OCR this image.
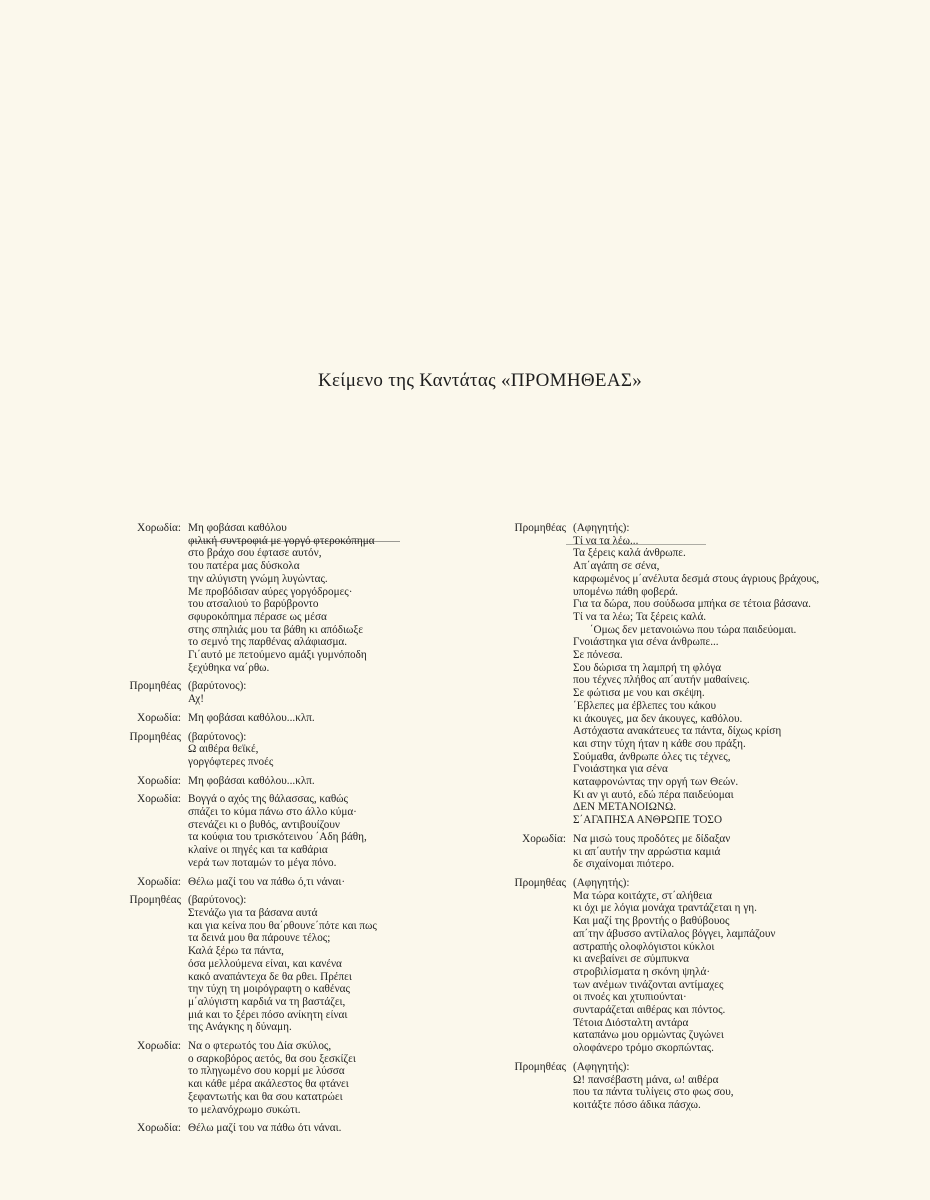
Κείμενο της Καντάτας «ΠΡΟΜΗΘΕΑΣ»
Χορωδία: Μη φοβάσαι καθόλου
φιλική συντροφιά με γοργό φτεροκόπημα
στο βράχο σου έφτασε αυτόν,
του πατέρα μας δύσκολα
την αλύγιστη γνώμη λυγώντας.
Με προβόδισαν αύρες γοργόδρομες·
του ατσαλιού το βαρύβροντο
σφυροκόπημα πέρασε ως μέσα
στης σπηλιάς μου τα βάθη κι απόδιωξε
το σεμνό της παρθένας αλάφιασμα.
Γι΄αυτό με πετούμενο αμάξι γυμνόποδη
ξεχύθηκα να΄ρθω.
Προμηθέας (βαρύτονος):
Αχ!
Χορωδία: Μη φοβάσαι καθόλου...κλπ.
Προμηθέας (βαρύτονος):
Ω αιθέρα θεϊκέ,
γοργόφτερες πνοές
Χορωδία: Μη φοβάσαι καθόλου...κλπ.
Χορωδία: Βογγά ο αχός της θάλασσας, καθώς
σπάζει το κύμα πάνω στο άλλο κύμα·
στενάζει κι ο βυθός, αντιβουίζουν
τα κούφια του τρισκότεινου ΄Αδη βάθη,
κλαίνε οι πηγές και τα καθάρια
νερά των ποταμών το μέγα πόνο.
Χορωδία: Θέλω μαζί του να πάθω ό,τι νάναι·
Προμηθέας (βαρύτονος):
Στενάζω για τα βάσανα αυτά
και για κείνα που θα΄ρθουνε΄πότε και πως
τα δεινά μου θα πάρουνε τέλος;
Καλά ξέρω τα πάντα,
όσα μελλούμενα είναι, και κανένα
κακό αναπάντεχα δε θα ρθει. Πρέπει
την τύχη τη μοιρόγραφτη ο καθένας
μ΄αλύγιστη καρδιά να τη βαστάζει,
μιά και το ξέρει πόσο ανίκητη είναι
της Ανάγκης η δύναμη.
Χορωδία: Να ο φτερωτός του Δία σκύλος,
ο σαρκοβόρος αετός, θα σου ξεσκίζει
το πληγωμένο σου κορμί με λύσσα
και κάθε μέρα ακάλεστος θα φτάνει
ξεφαντωτής και θα σου κατατρώει
το μελανόχρωμο συκώτι.
Χορωδία: Θέλω μαζί του να πάθω ότι νάναι.
Προμηθέας (Αφηγητής):
Τί να τα λέω...
Τα ξέρεις καλά άνθρωπε.
Απ΄αγάπη σε σένα,
καρφωμένος μ΄ανέλυτα δεσμά στους άγριους βράχους,
υπομένω πάθη φοβερά.
Για τα δώρα, που σούδωσα μπήκα σε τέτοια βάσανα.
Τί να τα λέω; Τα ξέρεις καλά.
΄Ομως δεν μετανοιώνω που τώρα παιδεύομαι.
Γνοιάστηκα για σένα άνθρωπε...
Σε πόνεσα.
Σου δώρισα τη λαμπρή τη φλόγα
που τέχνες πλήθος απ΄αυτήν μαθαίνεις.
Σε φώτισα με νου και σκέψη.
΄Εβλεπες μα έβλεπες του κάκου
κι άκουγες, μα δεν άκουγες, καθόλου.
Αστόχαστα ανακάτευες τα πάντα, δίχως κρίση
και στην τύχη ήταν η κάθε σου πράξη.
Σούμαθα, άνθρωπε όλες τις τέχνες,
Γνοιάστηκα για σένα
καταφρονώντας την οργή των Θεών.
Κι αν γι αυτό, εδώ πέρα παιδεύομαι
ΔΕΝ ΜΕΤΑΝΟΙΩΝΩ.
Σ΄ΑΓΑΠΗΣΑ ΑΝΘΡΩΠΕ ΤΟΣΟ
Χορωδία: Να μισώ τους προδότες με δίδαξαν
κι απ΄αυτήν την αρρώστια καμιά
δε σιχαίνομαι πιότερο.
Προμηθέας (Αφηγητής):
Μα τώρα κοιτάχτε, στ΄αλήθεια
κι όχι με λόγια μονάχα τραντάζεται η γη.
Και μαζί της βροντής ο βαθύβουος
απ΄την άβυσσο αντίλαλος βόγγει, λαμπάζουν
αστραπής ολοφλόγιστοι κύκλοι
κι ανεβαίνει σε σύμπυκνα
στροβιλίσματα η σκόνη ψηλά·
των ανέμων τινάζονται αντίμαχες
οι πνοές και χτυπιούνται·
συνταράζεται αιθέρας και πόντος.
Τέτοια Διόσταλτη αντάρα
καταπάνω μου ορμώντας ζυγώνει
ολοφάνερο τρόμο σκορπώντας.
Προμηθέας (Αφηγητής):
Ω! πανσέβαστη μάνα, ω! αιθέρα
που τα πάντα τυλίγεις στο φως σου,
κοιτάξτε πόσο άδικα πάσχω.
